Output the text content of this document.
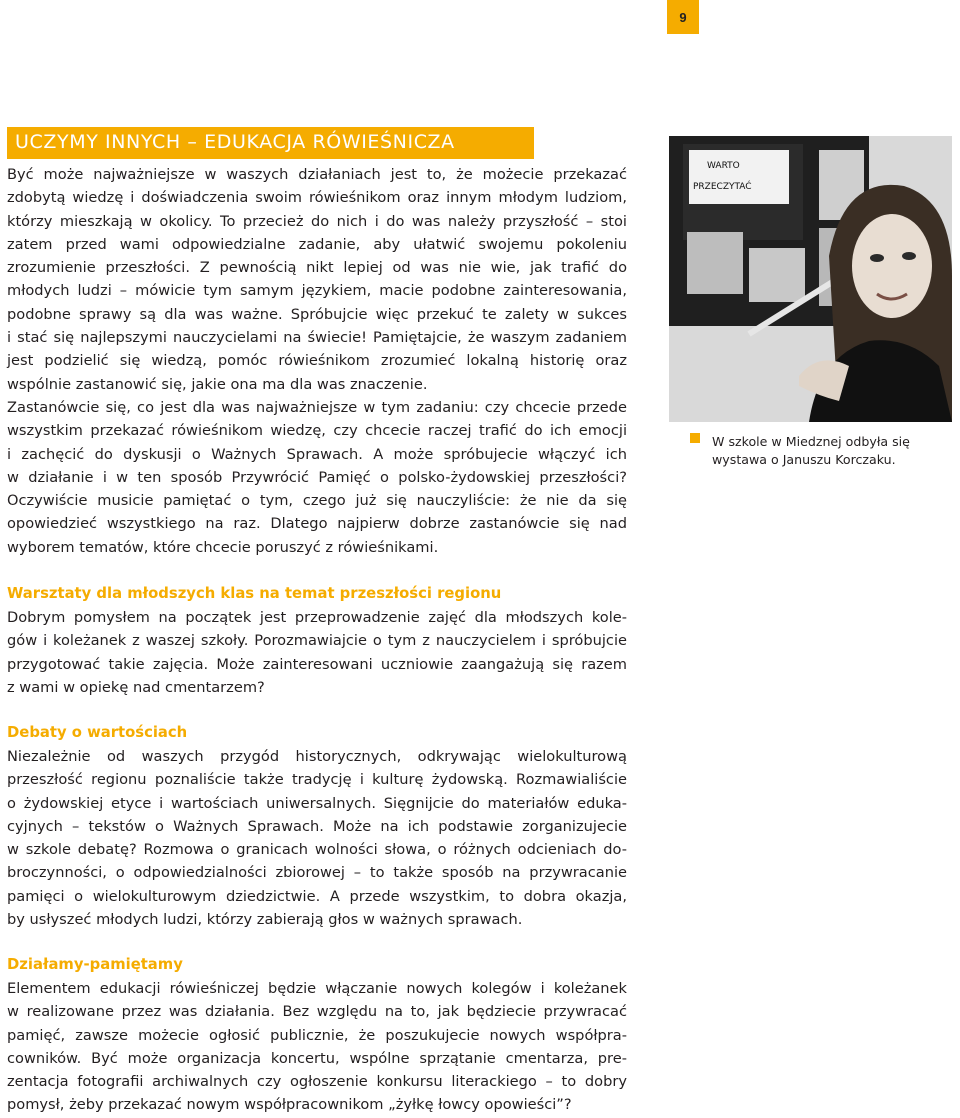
9
UCZYMY INNYCH – EDUKACJA RÓWIEŚNICZA
Być może najważniejsze w waszych działaniach jest to, że możecie przekazać
zdobytą wiedzę i doświadczenia swoim rówieśnikom oraz innym młodym ludziom,
którzy mieszkają w okolicy. To przecież do nich i do was należy przyszłość – stoi
zatem przed wami odpowiedzialne zadanie, aby ułatwić swojemu pokoleniu
zrozumienie przeszłości. Z pewnością nikt lepiej od was nie wie, jak trafić do
młodych ludzi – mówicie tym samym językiem, macie podobne zainteresowania,
podobne sprawy są dla was ważne. Spróbujcie więc przekuć te zalety w sukces
i stać się najlepszymi nauczycielami na świecie! Pamiętajcie, że waszym zadaniem
jest podzielić się wiedzą, pomóc rówieśnikom zrozumieć lokalną historię oraz
wspólnie zastanowić się, jakie ona ma dla was znaczenie.
Zastanówcie się, co jest dla was najważniejsze w tym zadaniu: czy chcecie przede
wszystkim przekazać rówieśnikom wiedzę, czy chcecie raczej trafić do ich emocji
i zachęcić do dyskusji o Ważnych Sprawach. A może spróbujecie włączyć ich
w działanie i w ten sposób Przywrócić Pamięć o polsko-żydowskiej przeszłości?
Oczywiście musicie pamiętać o tym, czego już się nauczyliście: że nie da się
opowiedzieć wszystkiego na raz. Dlatego najpierw dobrze zastanówcie się nad
wyborem tematów, które chcecie poruszyć z rówieśnikami.
WARTO
PRZECZYTAĆ
W szkole w Miedznej odbyła się wystawa o Januszu Korczaku.
Warsztaty dla młodszych klas na temat przeszłości regionu
Dobrym pomysłem na początek jest przeprowadzenie zajęć dla młodszych kole-
gów i koleżanek z waszej szkoły. Porozmawiajcie o tym z nauczycielem i spróbujcie
przygotować takie zajęcia. Może zainteresowani uczniowie zaangażują się razem
z wami w opiekę nad cmentarzem?
Debaty o wartościach
Niezależnie od waszych przygód historycznych, odkrywając wielokulturową
przeszłość regionu poznaliście także tradycję i kulturę żydowską. Rozmawialiście
o żydowskiej etyce i wartościach uniwersalnych. Sięgnijcie do materiałów eduka-
cyjnych – tekstów o Ważnych Sprawach. Może na ich podstawie zorganizujecie
w szkole debatę? Rozmowa o granicach wolności słowa, o różnych odcieniach do-
broczynności, o odpowiedzialności zbiorowej – to także sposób na przywracanie
pamięci o wielokulturowym dziedzictwie. A przede wszystkim, to dobra okazja,
by usłyszeć młodych ludzi, którzy zabierają głos w ważnych sprawach.
Działamy-pamiętamy
Elementem edukacji rówieśniczej będzie włączanie nowych kolegów i koleżanek
w realizowane przez was działania. Bez względu na to, jak będziecie przywracać
pamięć, zawsze możecie ogłosić publicznie, że poszukujecie nowych współpra-
cowników. Być może organizacja koncertu, wspólne sprzątanie cmentarza, pre-
zentacja fotografii archiwalnych czy ogłoszenie konkursu literackiego – to dobry
pomysł, żeby przekazać nowym współpracownikom „żyłkę łowcy opowieści”?
